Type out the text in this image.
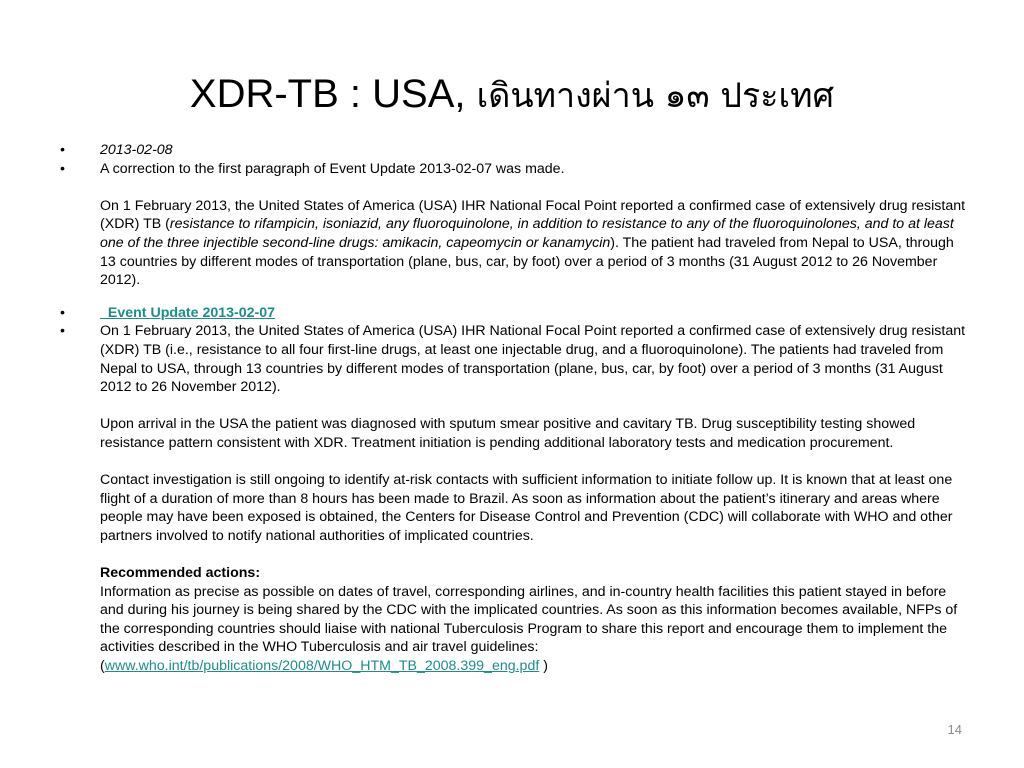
XDR-TB : USA, เดินทางผ่าน ๑๓ ประเทศ
•	2013-02-08

•	A correction to the first paragraph of Event Update 2013-02-07 was made.

On 1 February 2013, the United States of America (USA) IHR National Focal Point reported a confirmed case of extensively drug resistant (XDR) TB (resistance to rifampicin, isoniazid, any fluoroquinolone, in addition to resistance to any of the fluoroquinolones, and to at least one of the three injectible second-line drugs: amikacin, capeomycin or kanamycin). The patient had traveled from Nepal to USA, through 13 countries by different modes of transportation (plane, bus, car, by foot) over a period of 3 months (31 August 2012 to 26 November 2012).

•	Event Update 2013-02-07

•	On 1 February 2013, the United States of America (USA) IHR National Focal Point reported a confirmed case of extensively drug resistant (XDR) TB (i.e., resistance to all four first-line drugs, at least one injectable drug, and a fluoroquinolone). The patients had traveled from Nepal to USA, through 13 countries by different modes of transportation (plane, bus, car, by foot) over a period of 3 months (31 August 2012 to 26 November 2012).

Upon arrival in the USA the patient was diagnosed with sputum smear positive and cavitary TB. Drug susceptibility testing showed resistance pattern consistent with XDR. Treatment initiation is pending additional laboratory tests and medication procurement.

Contact investigation is still ongoing to identify at-risk contacts with sufficient information to initiate follow up. It is known that at least one flight of a duration of more than 8 hours has been made to Brazil. As soon as information about the patient’s itinerary and areas where people may have been exposed is obtained, the Centers for Disease Control and Prevention (CDC) will collaborate with WHO and other partners involved to notify national authorities of implicated countries.

Recommended actions:

Information as precise as possible on dates of travel, corresponding airlines, and in-country health facilities this patient stayed in before and during his journey is being shared by the CDC with the implicated countries. As soon as this information becomes available, NFPs of the corresponding countries should liaise with national Tuberculosis Program to share this report and encourage them to implement the activities described in the WHO Tuberculosis and air travel guidelines:

(www.who.int/tb/publications/2008/WHO_HTM_TB_2008.399_eng.pdf )

14
